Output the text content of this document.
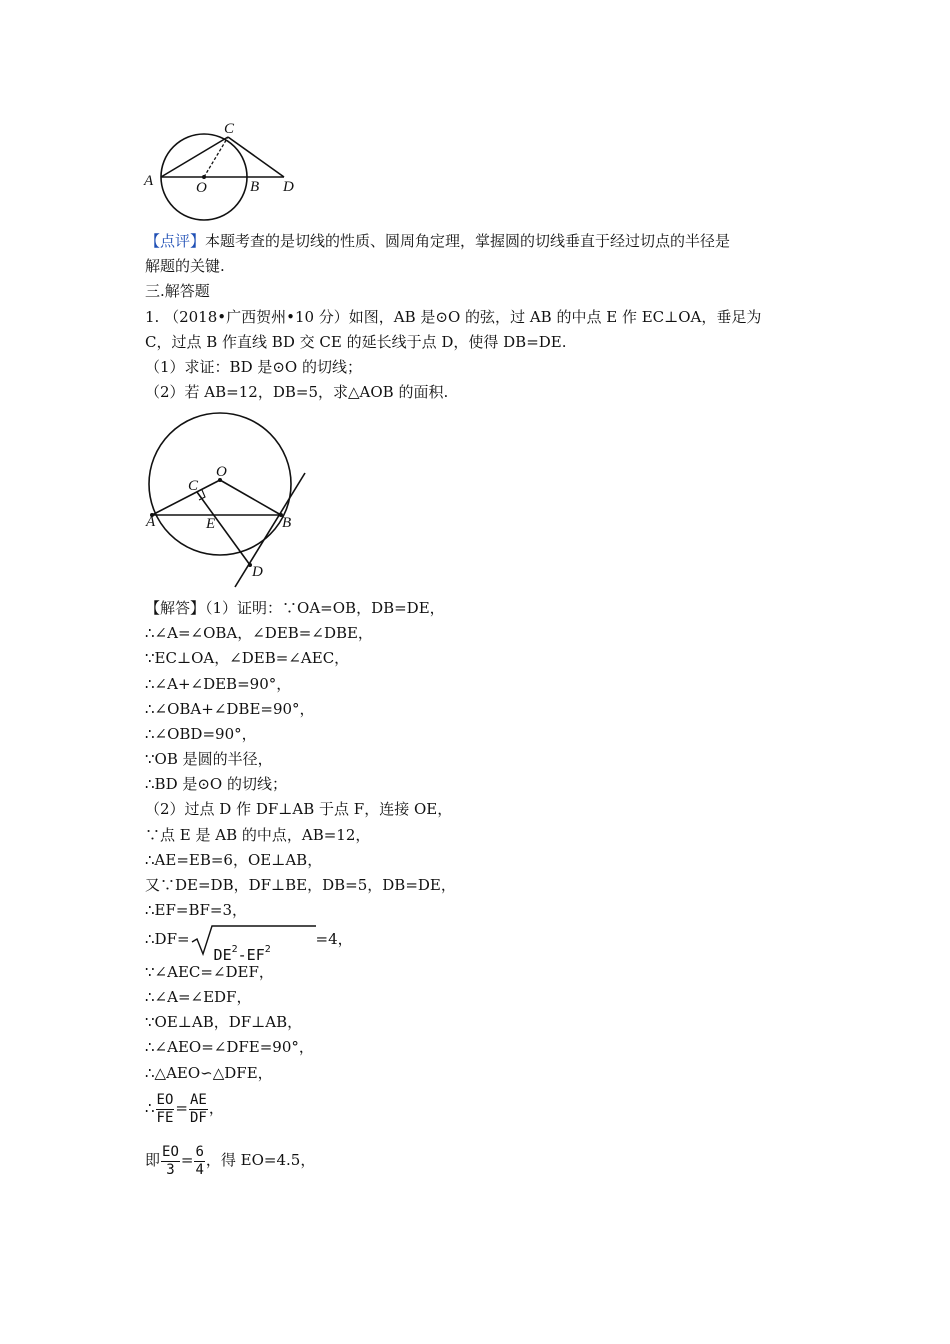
A	O	B
C
D
【点评】本题考查的是切线的性质、圆周角定理，掌握圆的切线垂直于经过切点的半径是
解题的关键.
三.解答题
1. （2018•广西贺州•10 分）如图，AB 是⊙O 的弦，过 AB 的中点 E 作 EC⊥OA，垂足为
C，过点 B 作直线 BD 交 CE 的延长线于点 D，使得 DB=DE.
（1）求证：BD 是⊙O 的切线；
（2）若 AB=12，DB=5，求△AOB 的面积.
O
C
A	E	B
D
【解答】（1）证明：∵OA=OB，DB=DE，
∴∠A=∠OBA，∠DEB=∠DBE，
∵EC⊥OA，∠DEB=∠AEC，
∴∠A+∠DEB=90°，
∴∠OBA+∠DBE=90°，
∴∠OBD=90°，
∵OB 是圆的半径，
∴BD 是⊙O 的切线；
（2）过点 D 作 DF⊥AB 于点 F，连接 OE，
∵点 E 是 AB 的中点，AB=12，
∴AE=EB=6，OE⊥AB，
又∵DE=DB，DF⊥BE，DB=5，DB=DE，
∴EF=BF=3，
∴DF=
$DE^2-EF^2$
=4，
∵∠AEC=∠DEF，
∴∠A=∠EDF，
∵OE⊥AB，DF⊥AB，
∴∠AEO=∠DFE=90°，
∴△AEO∽△DFE，
∴ $\frac{EO}{FE} = \frac{AE}{DF}$ ，
即 $\frac{EO}{3} = \frac{6}{4}$ ，得 EO=4.5，
